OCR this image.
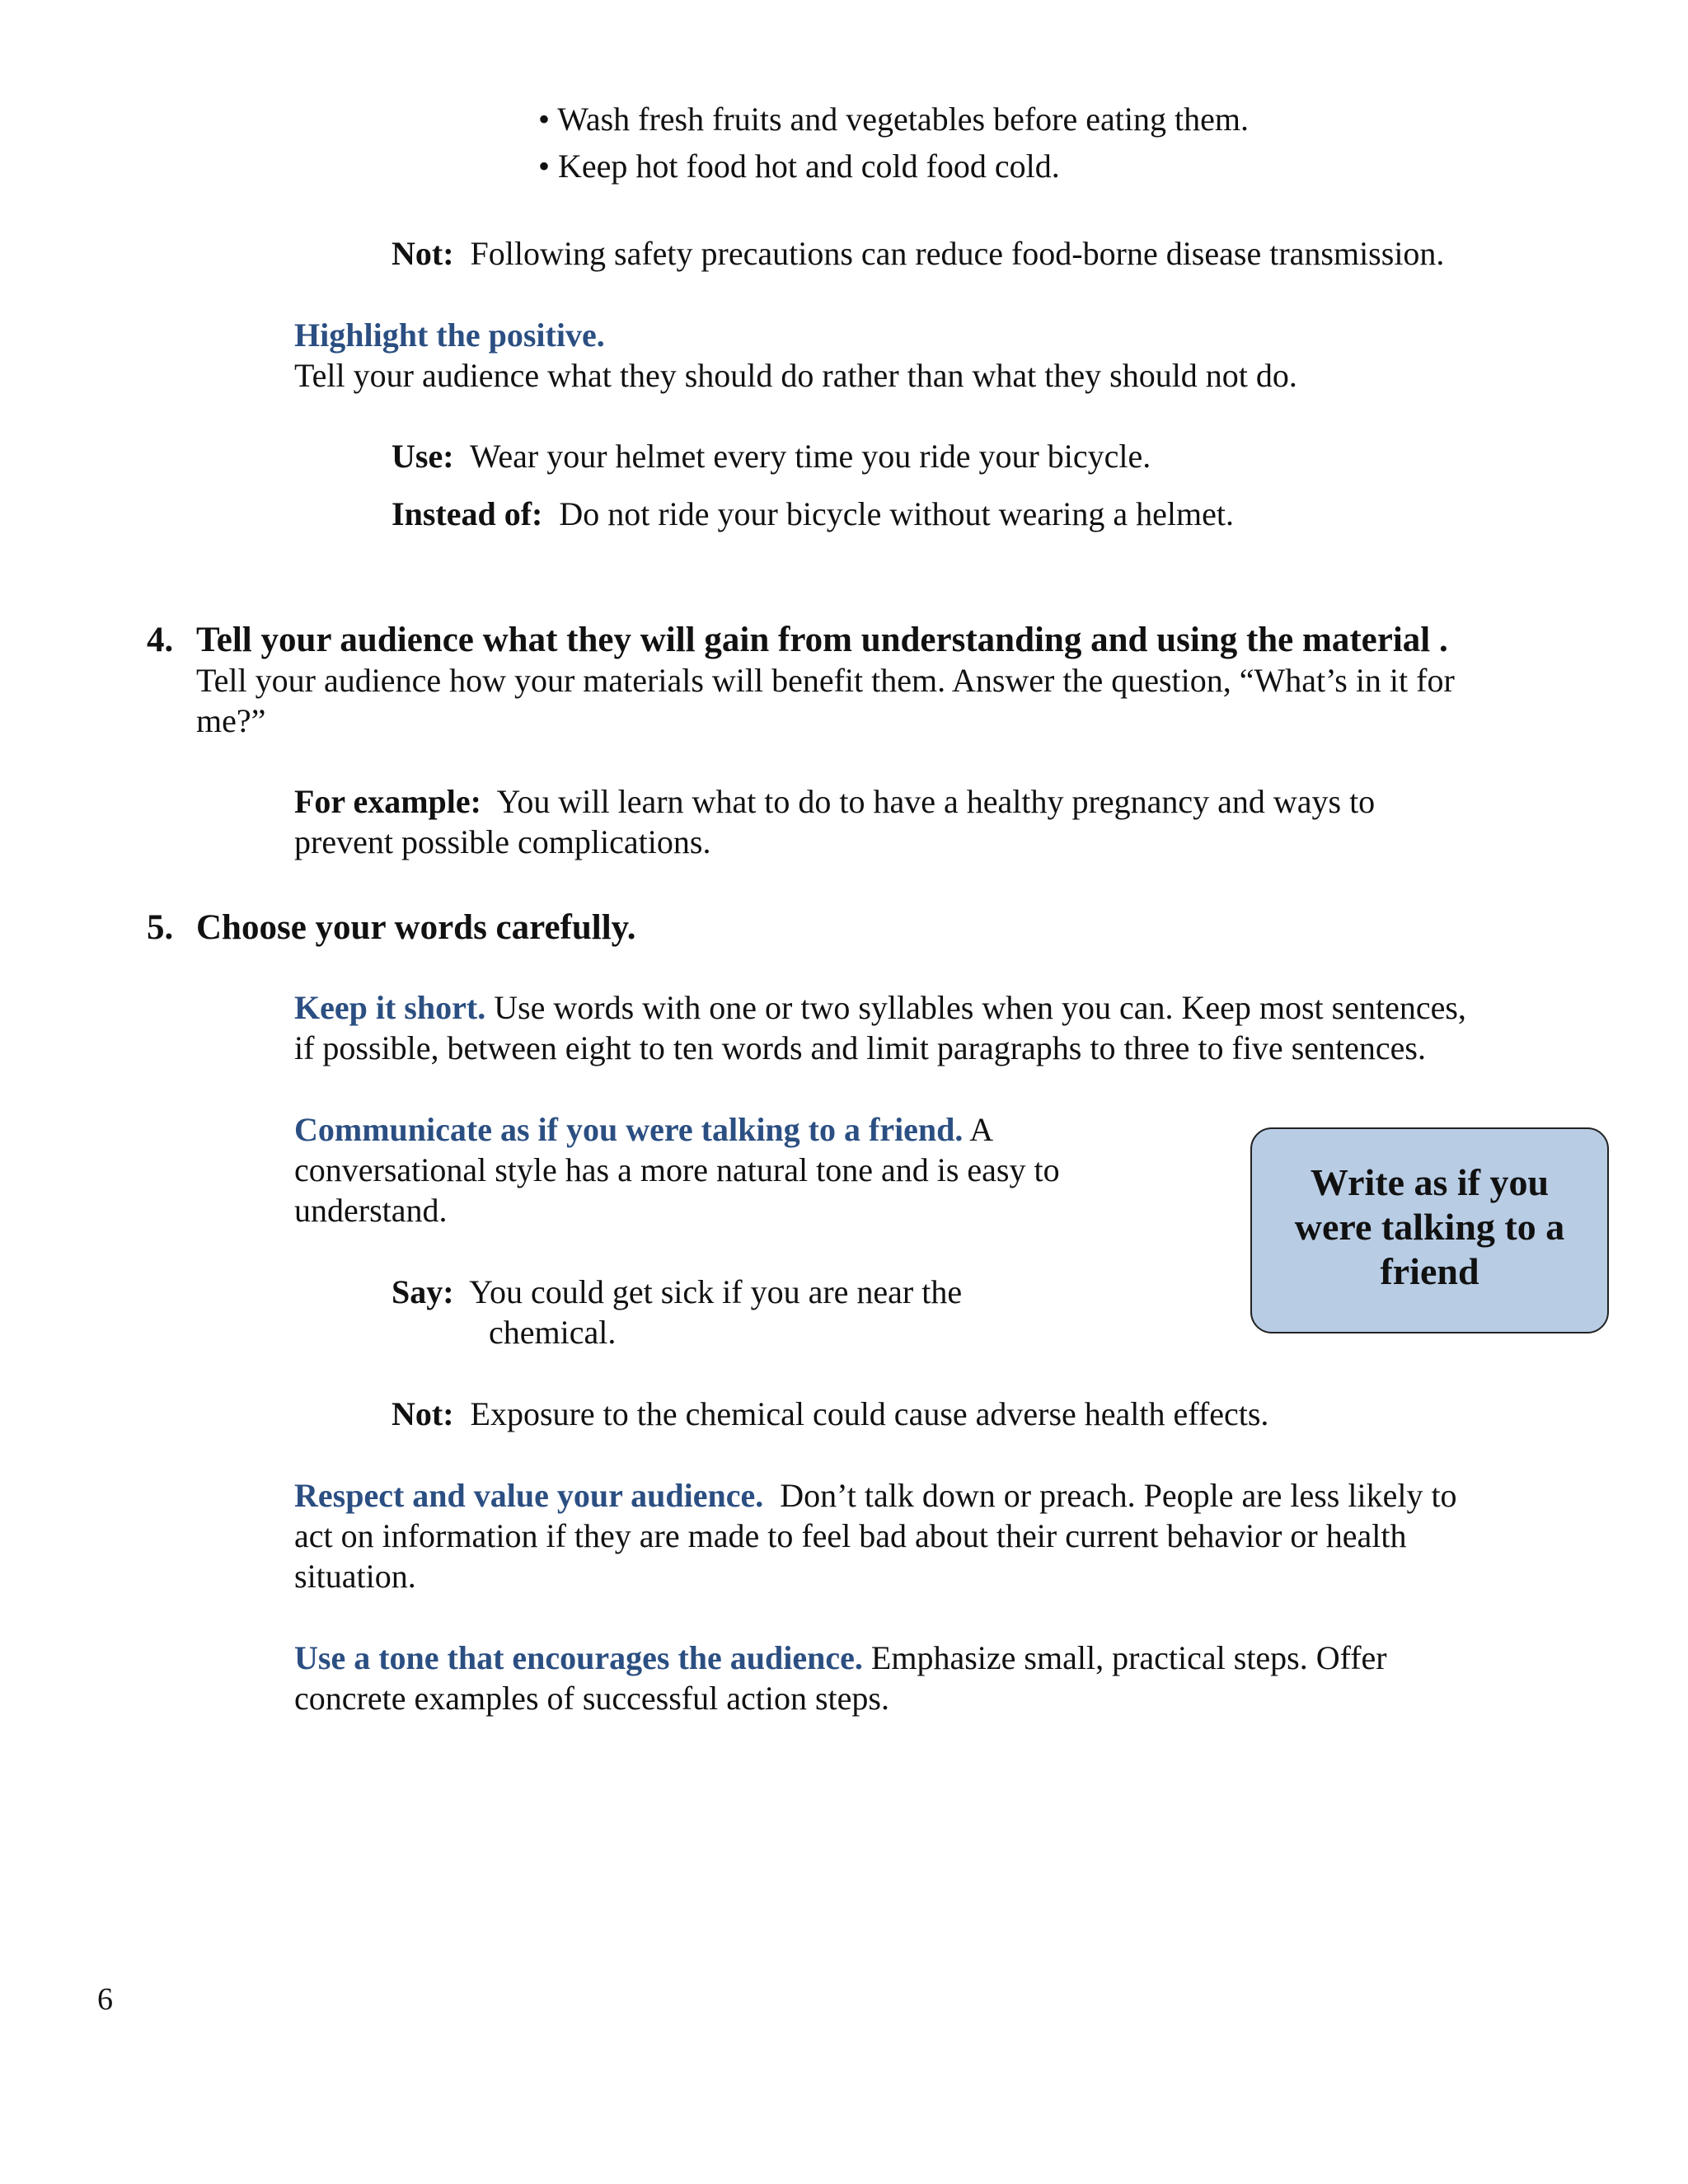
• Wash fresh fruits and vegetables before eating them.
• Keep hot food hot and cold food cold.
Not: Following safety precautions can reduce food-borne disease transmission.
Highlight the positive.
Tell your audience what they should do rather than what they should not do.
Use: Wear your helmet every time you ride your bicycle.
Instead of: Do not ride your bicycle without wearing a helmet.
4. Tell your audience what they will gain from understanding and using the material .
Tell your audience how your materials will benefit them. Answer the question, “What’s in it for
me?”
For example: You will learn what to do to have a healthy pregnancy and ways to
prevent possible complications.
5. Choose your words carefully.
Keep it short. Use words with one or two syllables when you can. Keep most sentences,
if possible, between eight to ten words and limit paragraphs to three to five sentences.
Communicate as if you were talking to a friend. A
conversational style has a more natural tone and is easy to
understand.
Say: You could get sick if you are near the
chemical.
Not: Exposure to the chemical could cause adverse health effects.
Respect and value your audience. Don’t talk down or preach. People are less likely to
act on information if they are made to feel bad about their current behavior or health
situation.
Use a tone that encourages the audience. Emphasize small, practical steps. Offer
concrete examples of successful action steps.
Write as if you were talking to a friend
6
